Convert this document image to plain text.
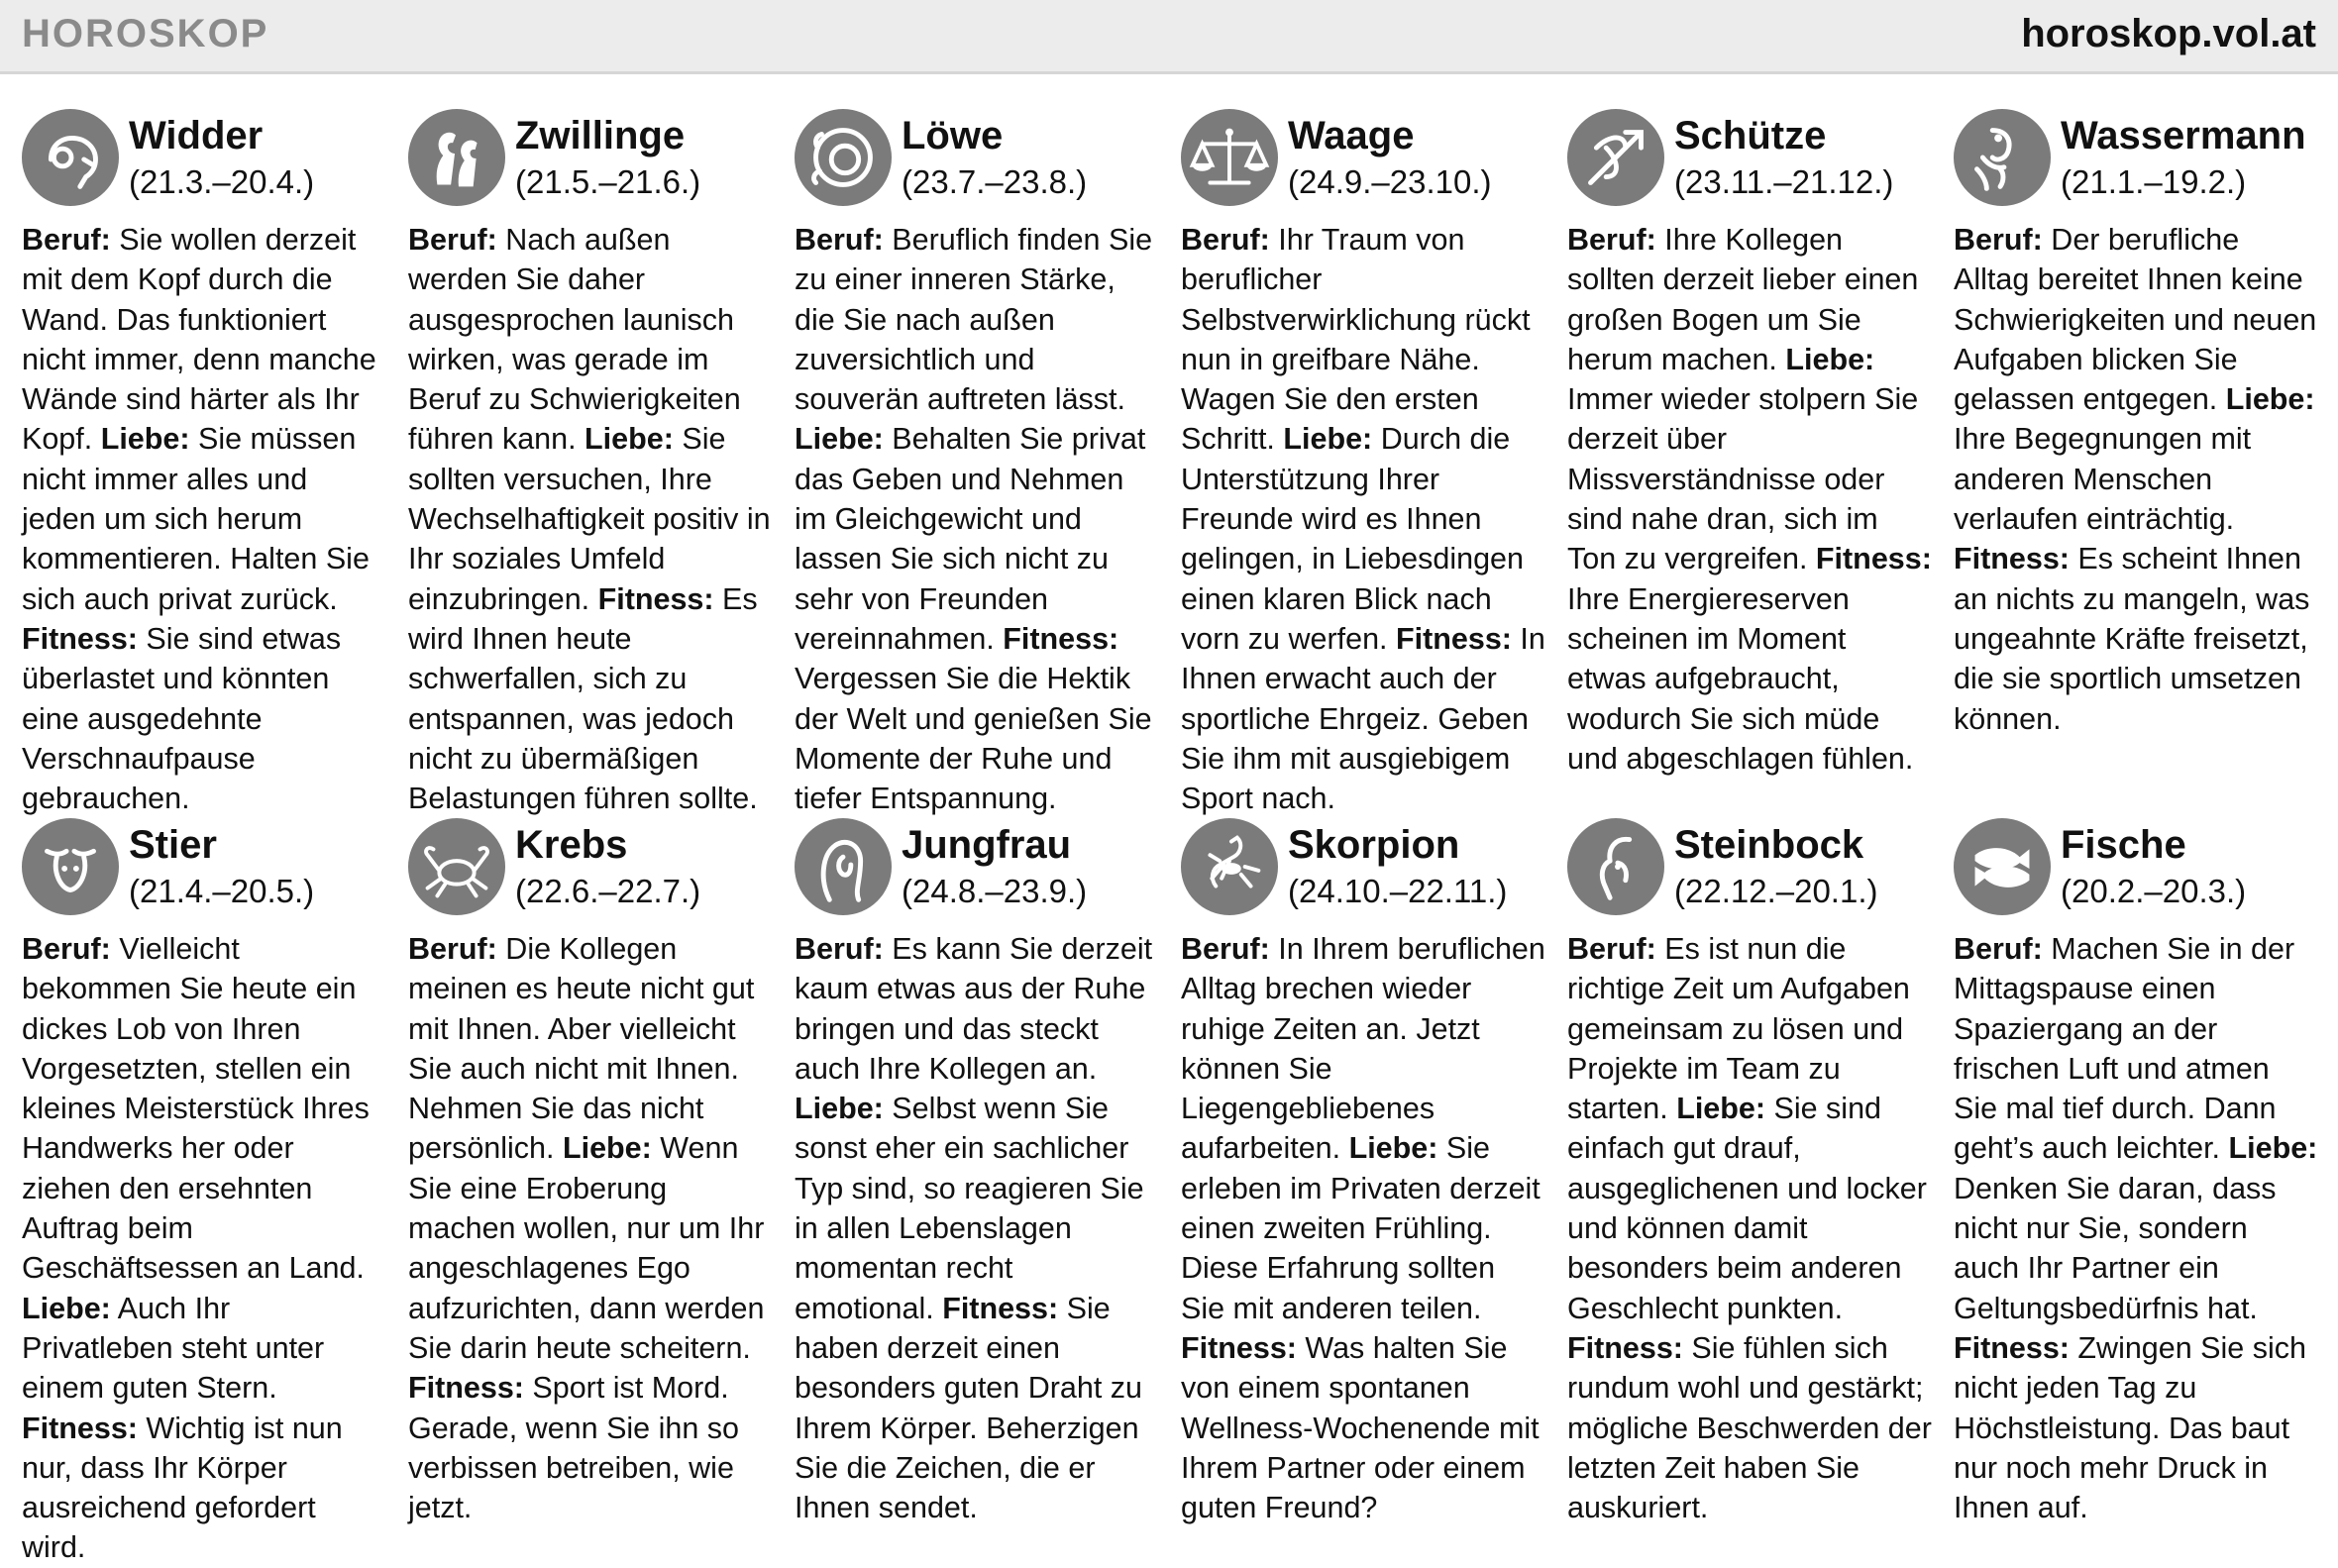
HOROSKOP	horoskop.vol.at
Widder
(21.3.–20.4.)

Beruf: Sie wollen derzeit mit dem Kopf durch die Wand. Das funktioniert nicht immer, denn manche Wände sind härter als Ihr Kopf. Liebe: Sie müssen nicht immer alles und jeden um sich herum kommentieren. Halten Sie sich auch privat zurück. Fitness: Sie sind etwas überlastet und könnten eine ausgedehnte Verschnaufpause gebrauchen.

Zwillinge
(21.5.–21.6.)

Beruf: Nach außen werden Sie daher ausgesprochen launisch wirken, was gerade im Beruf zu Schwierigkeiten führen kann. Liebe: Sie sollten versuchen, Ihre Wechselhaftigkeit positiv in Ihr soziales Umfeld einzubringen. Fitness: Es wird Ihnen heute schwerfallen, sich zu entspannen, was jedoch nicht zu übermäßigen Belastungen führen sollte.

Löwe
(23.7.–23.8.)

Beruf: Beruflich finden Sie zu einer inneren Stärke, die Sie nach außen zuversichtlich und souverän auftreten lässt. Liebe: Behalten Sie privat das Geben und Nehmen im Gleichgewicht und lassen Sie sich nicht zu sehr von Freunden vereinnahmen. Fitness: Vergessen Sie die Hektik der Welt und genießen Sie Momente der Ruhe und tiefer Entspannung.

Waage
(24.9.–23.10.)

Beruf: Ihr Traum von beruflicher Selbstverwirklichung rückt nun in greifbare Nähe. Wagen Sie den ersten Schritt. Liebe: Durch die Unterstützung Ihrer Freunde wird es Ihnen gelingen, in Liebesdingen einen klaren Blick nach vorn zu werfen. Fitness: In Ihnen erwacht auch der sportliche Ehrgeiz. Geben Sie ihm mit ausgiebigem Sport nach.

Schütze
(23.11.–21.12.)

Beruf: Ihre Kollegen sollten derzeit lieber einen großen Bogen um Sie herum machen. Liebe: Immer wieder stolpern Sie derzeit über Missverständnisse oder sind nahe dran, sich im Ton zu vergreifen. Fitness: Ihre Energiereserven scheinen im Moment etwas aufgebraucht, wodurch Sie sich müde und abgeschlagen fühlen.

Wassermann
(21.1.–19.2.)

Beruf: Der berufliche Alltag bereitet Ihnen keine Schwierigkeiten und neuen Aufgaben blicken Sie gelassen entgegen. Liebe: Ihre Begegnungen mit anderen Menschen verlaufen einträchtig. Fitness: Es scheint Ihnen an nichts zu mangeln, was ungeahnte Kräfte freisetzt, die sie sportlich umsetzen können.

Stier
(21.4.–20.5.)

Beruf: Vielleicht bekommen Sie heute ein dickes Lob von Ihren Vorgesetzten, stellen ein kleines Meisterstück Ihres Handwerks her oder ziehen den ersehnten Auftrag beim Geschäftsessen an Land. Liebe: Auch Ihr Privatleben steht unter einem guten Stern. Fitness: Wichtig ist nun nur, dass Ihr Körper ausreichend gefordert wird.

Krebs
(22.6.–22.7.)

Beruf: Die Kollegen meinen es heute nicht gut mit Ihnen. Aber vielleicht Sie auch nicht mit Ihnen. Nehmen Sie das nicht persönlich. Liebe: Wenn Sie eine Eroberung machen wollen, nur um Ihr angeschlagenes Ego aufzurichten, dann werden Sie darin heute scheitern. Fitness: Sport ist Mord. Gerade, wenn Sie ihn so verbissen betreiben, wie jetzt.

Jungfrau
(24.8.–23.9.)

Beruf: Es kann Sie derzeit kaum etwas aus der Ruhe bringen und das steckt auch Ihre Kollegen an. Liebe: Selbst wenn Sie sonst eher ein sachlicher Typ sind, so reagieren Sie in allen Lebenslagen momentan recht emotional. Fitness: Sie haben derzeit einen besonders guten Draht zu Ihrem Körper. Beherzigen Sie die Zeichen, die er Ihnen sendet.

Skorpion
(24.10.–22.11.)

Beruf: In Ihrem beruflichen Alltag brechen wieder ruhige Zeiten an. Jetzt können Sie Liegengebliebenes aufarbeiten. Liebe: Sie erleben im Privaten derzeit einen zweiten Frühling. Diese Erfahrung sollten Sie mit anderen teilen. Fitness: Was halten Sie von einem spontanen Wellness-Wochenende mit Ihrem Partner oder einem guten Freund?

Steinbock
(22.12.–20.1.)

Beruf: Es ist nun die richtige Zeit um Aufgaben gemeinsam zu lösen und Projekte im Team zu starten. Liebe: Sie sind einfach gut drauf, ausgeglichenen und locker und können damit besonders beim anderen Geschlecht punkten. Fitness: Sie fühlen sich rundum wohl und gestärkt; mögliche Beschwerden der letzten Zeit haben Sie auskuriert.

Fische
(20.2.–20.3.)

Beruf: Machen Sie in der Mittagspause einen Spaziergang an der frischen Luft und atmen Sie mal tief durch. Dann geht’s auch leichter. Liebe: Denken Sie daran, dass nicht nur Sie, sondern auch Ihr Partner ein Geltungsbedürfnis hat. Fitness: Zwingen Sie sich nicht jeden Tag zu Höchstleistung. Das baut nur noch mehr Druck in Ihnen auf.
